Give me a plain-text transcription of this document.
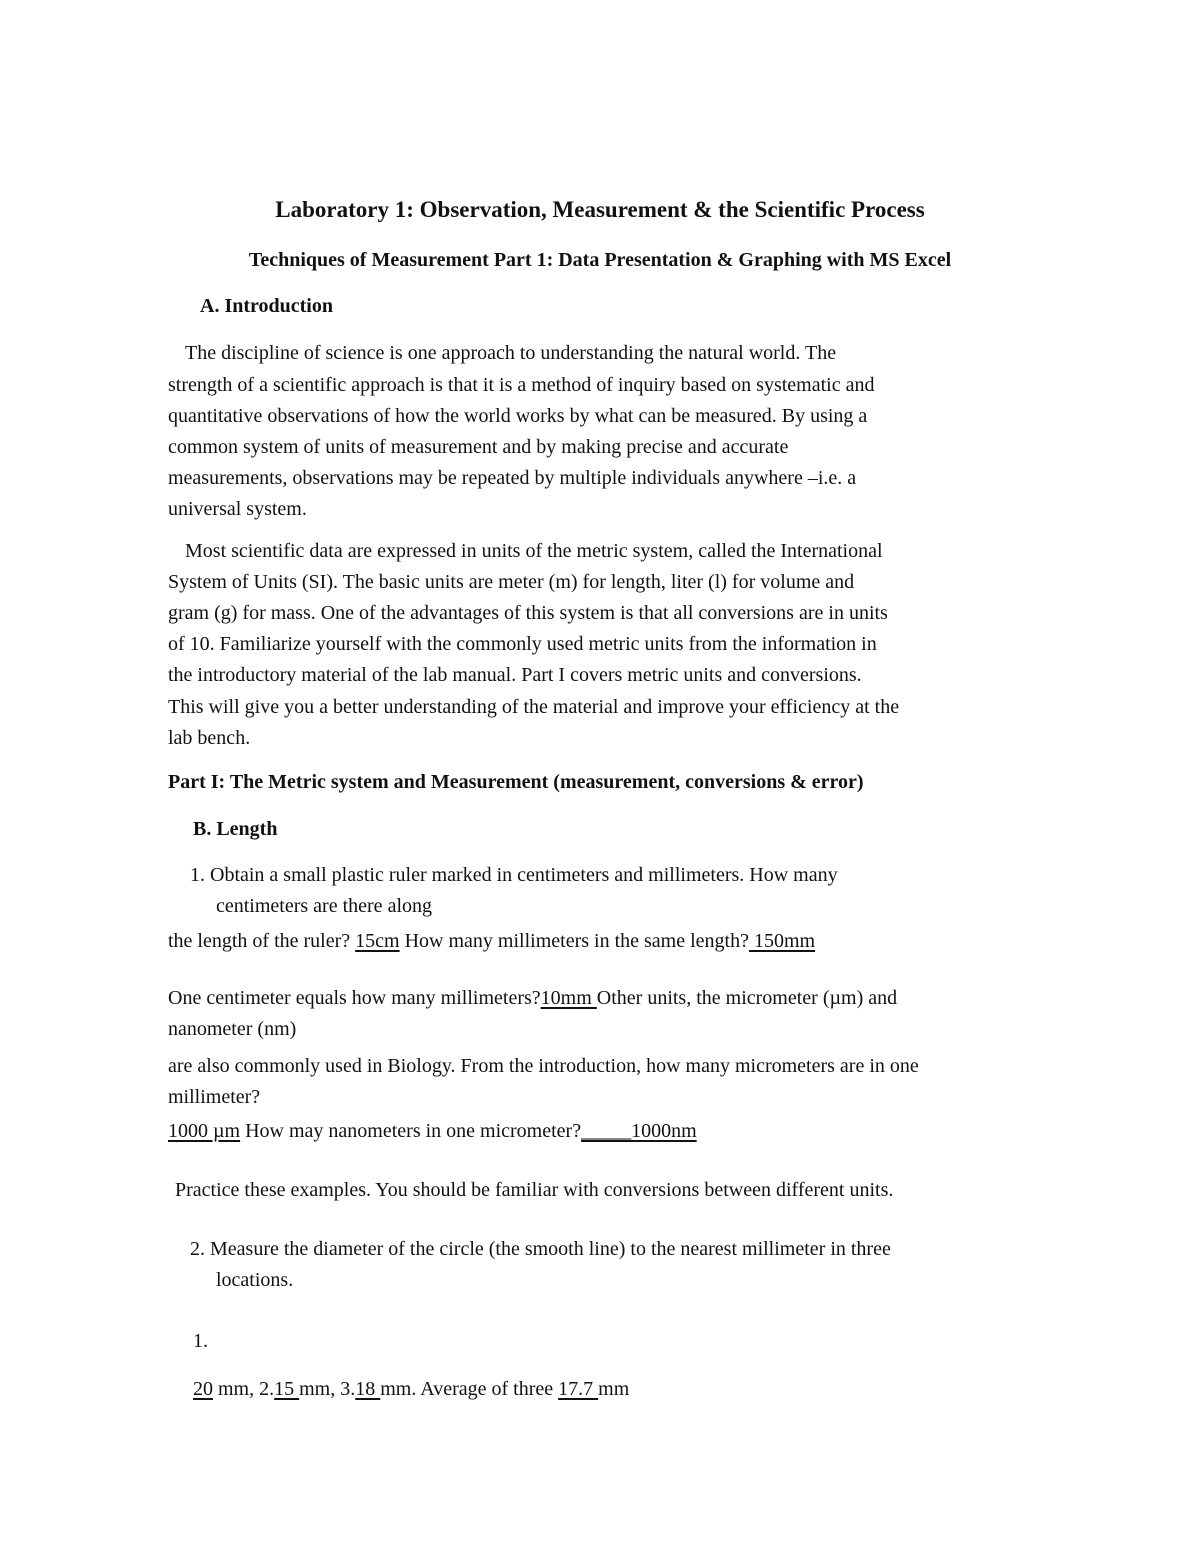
Laboratory 1: Observation, Measurement & the Scientific Process
Techniques of Measurement Part 1: Data Presentation & Graphing with MS Excel
A. Introduction
The discipline of science is one approach to understanding the natural world. The
strength of a scientific approach is that it is a method of inquiry based on systematic and
quantitative observations of how the world works by what can be measured. By using a
common system of units of measurement and by making precise and accurate
measurements, observations may be repeated by multiple individuals anywhere –i.e. a
universal system.
Most scientific data are expressed in units of the metric system, called the International
System of Units (SI). The basic units are meter (m) for length, liter (l) for volume and
gram (g) for mass. One of the advantages of this system is that all conversions are in units
of 10. Familiarize yourself with the commonly used metric units from the information in
the introductory material of the lab manual. Part I covers metric units and conversions.
This will give you a better understanding of the material and improve your efficiency at the
lab bench.
Part I: The Metric system and Measurement (measurement, conversions & error)
B. Length
1. Obtain a small plastic ruler marked in centimeters and millimeters. How many
centimeters are there along
the length of the ruler? 15cm How many millimeters in the same length? 150mm
One centimeter equals how many millimeters?10mm Other units, the micrometer (µm) and
nanometer (nm)
are also commonly used in Biology. From the introduction, how many micrometers are in one
millimeter?
1000 µm How may nanometers in one micrometer?_____1000nm
Practice these examples. You should be familiar with conversions between different units.
2. Measure the diameter of the circle (the smooth line) to the nearest millimeter in three
locations.
1.
20 mm, 2.15 mm, 3.18 mm. Average of three 17.7 mm
